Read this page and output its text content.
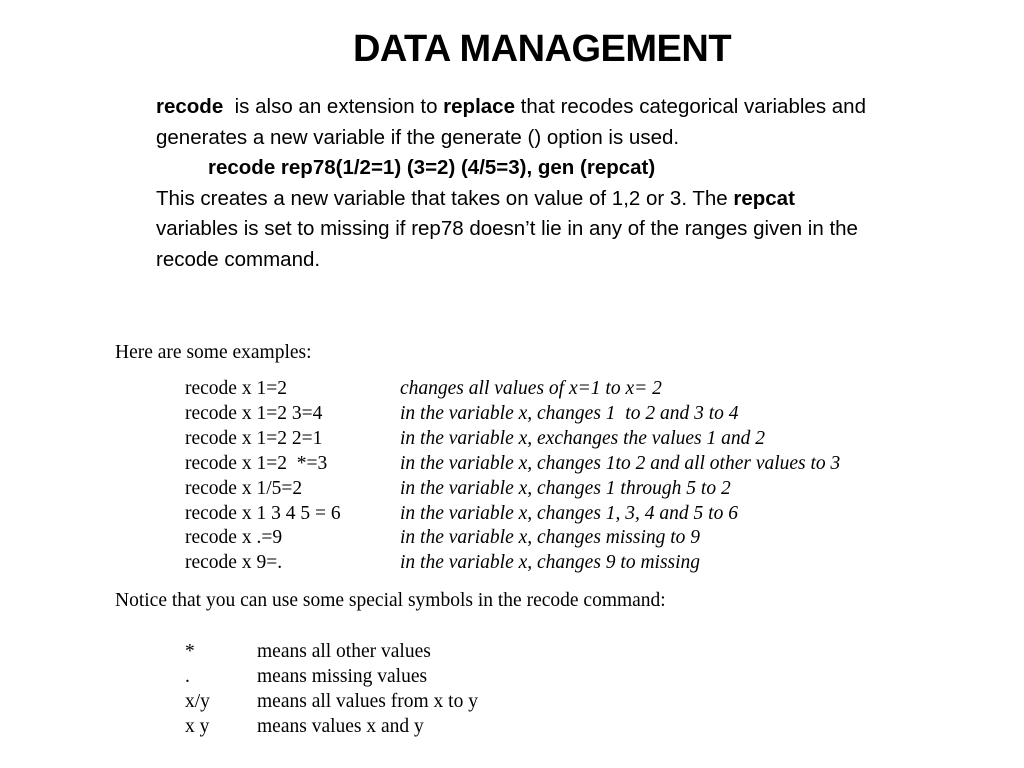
DATA MANAGEMENT

recode  is also an extension to replace that recodes categorical variables and generates a new variable if the generate () option is used.

recode rep78(1/2=1) (3=2) (4/5=3), gen (repcat)

This creates a new variable that takes on value of 1,2 or 3. The repcat variables is set to missing if rep78 doesn’t lie in any of the ranges given in the recode command.

Here are some examples:
recode x 1=2	changes all values of x=1 to x= 2
recode x 1=2 3=4	in the variable x, changes 1  to 2 and 3 to 4
recode x 1=2 2=1	in the variable x, exchanges the values 1 and 2
recode x 1=2  *=3	in the variable x, changes 1to 2 and all other values to 3
recode x 1/5=2	in the variable x, changes 1 through 5 to 2
recode x 1 3 4 5 = 6	in the variable x, changes 1, 3, 4 and 5 to 6
recode x .=9	in the variable x, changes missing to 9
recode x 9=.	in the variable x, changes 9 to missing
Notice that you can use some special symbols in the recode command:
*	means all other values
.	means missing values
x/y	means all values from x to y
x y	means values x and y
